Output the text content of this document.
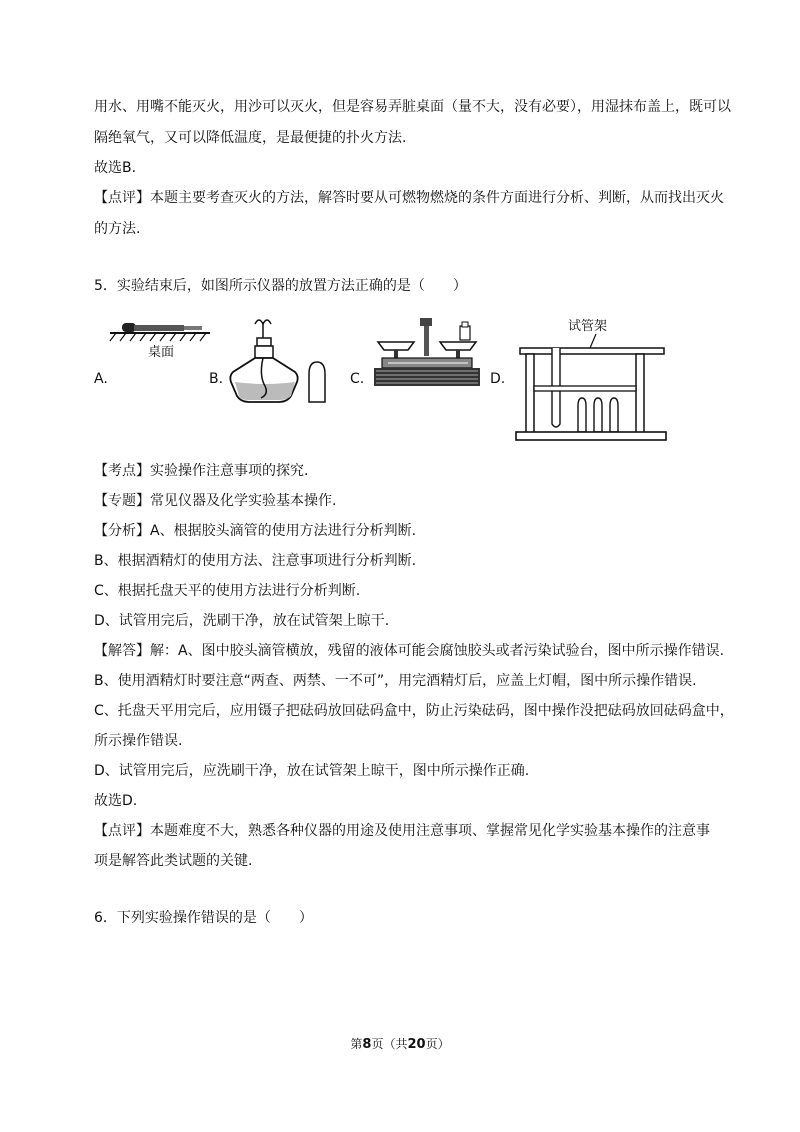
用水、用嘴不能灭火，用沙可以灭火，但是容易弄脏桌面（量不大，没有必要），用湿抹布盖上，既可以
隔绝氧气，又可以降低温度，是最便捷的扑火方法.
故选B.
【点评】本题主要考查灭火的方法，解答时要从可燃物燃烧的条件方面进行分析、判断，从而找出灭火
的方法.
5．实验结束后，如图所示仪器的放置方法正确的是（　　）
A.	B.	C.	D.
桌面
试管架
【考点】实验操作注意事项的探究.
【专题】常见仪器及化学实验基本操作.
【分析】A、根据胶头滴管的使用方法进行分析判断.
B、根据酒精灯的使用方法、注意事项进行分析判断.
C、根据托盘天平的使用方法进行分析判断.
D、试管用完后，洗刷干净，放在试管架上晾干.
【解答】解：A、图中胶头滴管横放，残留的液体可能会腐蚀胶头或者污染试验台，图中所示操作错误.
B、使用酒精灯时要注意“两查、两禁、一不可”，用完酒精灯后，应盖上灯帽，图中所示操作错误.
C、托盘天平用完后，应用镊子把砝码放回砝码盒中，防止污染砝码，图中操作没把砝码放回砝码盒中，
所示操作错误.
D、试管用完后，应洗刷干净，放在试管架上晾干，图中所示操作正确.
故选D.
【点评】本题难度不大，熟悉各种仪器的用途及使用注意事项、掌握常见化学实验基本操作的注意事
项是解答此类试题的关键.
6．下列实验操作错误的是（　　）
第8页（共20页）
